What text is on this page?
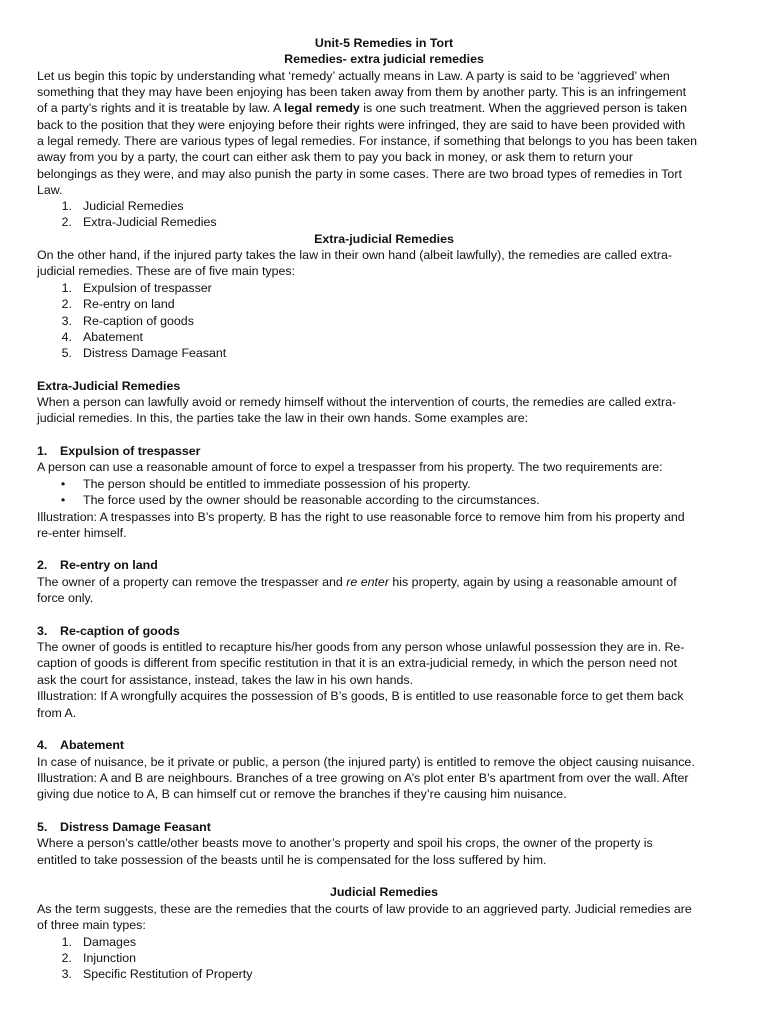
Unit-5 Remedies in Tort
Remedies- extra judicial remedies
Let us begin this topic by understanding what ‘remedy’ actually means in Law. A party is said to be ‘aggrieved’ when
something that they may have been enjoying has been taken away from them by another party. This is an infringement
of a party’s rights and it is treatable by law. A legal remedy is one such treatment. When the aggrieved person is taken
back to the position that they were enjoying before their rights were infringed, they are said to have been provided with
a legal remedy. There are various types of legal remedies. For instance, if something that belongs to you has been taken
away from you by a party, the court can either ask them to pay you back in money, or ask them to return your
belongings as they were, and may also punish the party in some cases. There are two broad types of remedies in Tort
Law.
1. Judicial Remedies
2. Extra-Judicial Remedies
Extra-judicial Remedies
On the other hand, if the injured party takes the law in their own hand (albeit lawfully), the remedies are called extra-
judicial remedies. These are of five main types:
1. Expulsion of trespasser
2. Re-entry on land
3. Re-caption of goods
4. Abatement
5. Distress Damage Feasant
Extra-Judicial Remedies
When a person can lawfully avoid or remedy himself without the intervention of courts, the remedies are called extra-
judicial remedies. In this, the parties take the law in their own hands. Some examples are:
1. Expulsion of trespasser
A person can use a reasonable amount of force to expel a trespasser from his property. The two requirements are:
• The person should be entitled to immediate possession of his property.
• The force used by the owner should be reasonable according to the circumstances.
Illustration: A trespasses into B’s property. B has the right to use reasonable force to remove him from his property and
re-enter himself.
2. Re-entry on land
The owner of a property can remove the trespasser and re enter his property, again by using a reasonable amount of
force only.
3. Re-caption of goods
The owner of goods is entitled to recapture his/her goods from any person whose unlawful possession they are in. Re-
caption of goods is different from specific restitution in that it is an extra-judicial remedy, in which the person need not
ask the court for assistance, instead, takes the law in his own hands.
Illustration: If A wrongfully acquires the possession of B’s goods, B is entitled to use reasonable force to get them back
from A.
4. Abatement
In case of nuisance, be it private or public, a person (the injured party) is entitled to remove the object causing nuisance.
Illustration: A and B are neighbours. Branches of a tree growing on A’s plot enter B’s apartment from over the wall. After
giving due notice to A, B can himself cut or remove the branches if they’re causing him nuisance.
5. Distress Damage Feasant
Where a person’s cattle/other beasts move to another’s property and spoil his crops, the owner of the property is
entitled to take possession of the beasts until he is compensated for the loss suffered by him.
Judicial Remedies
As the term suggests, these are the remedies that the courts of law provide to an aggrieved party. Judicial remedies are
of three main types:
1. Damages
2. Injunction
3. Specific Restitution of Property
